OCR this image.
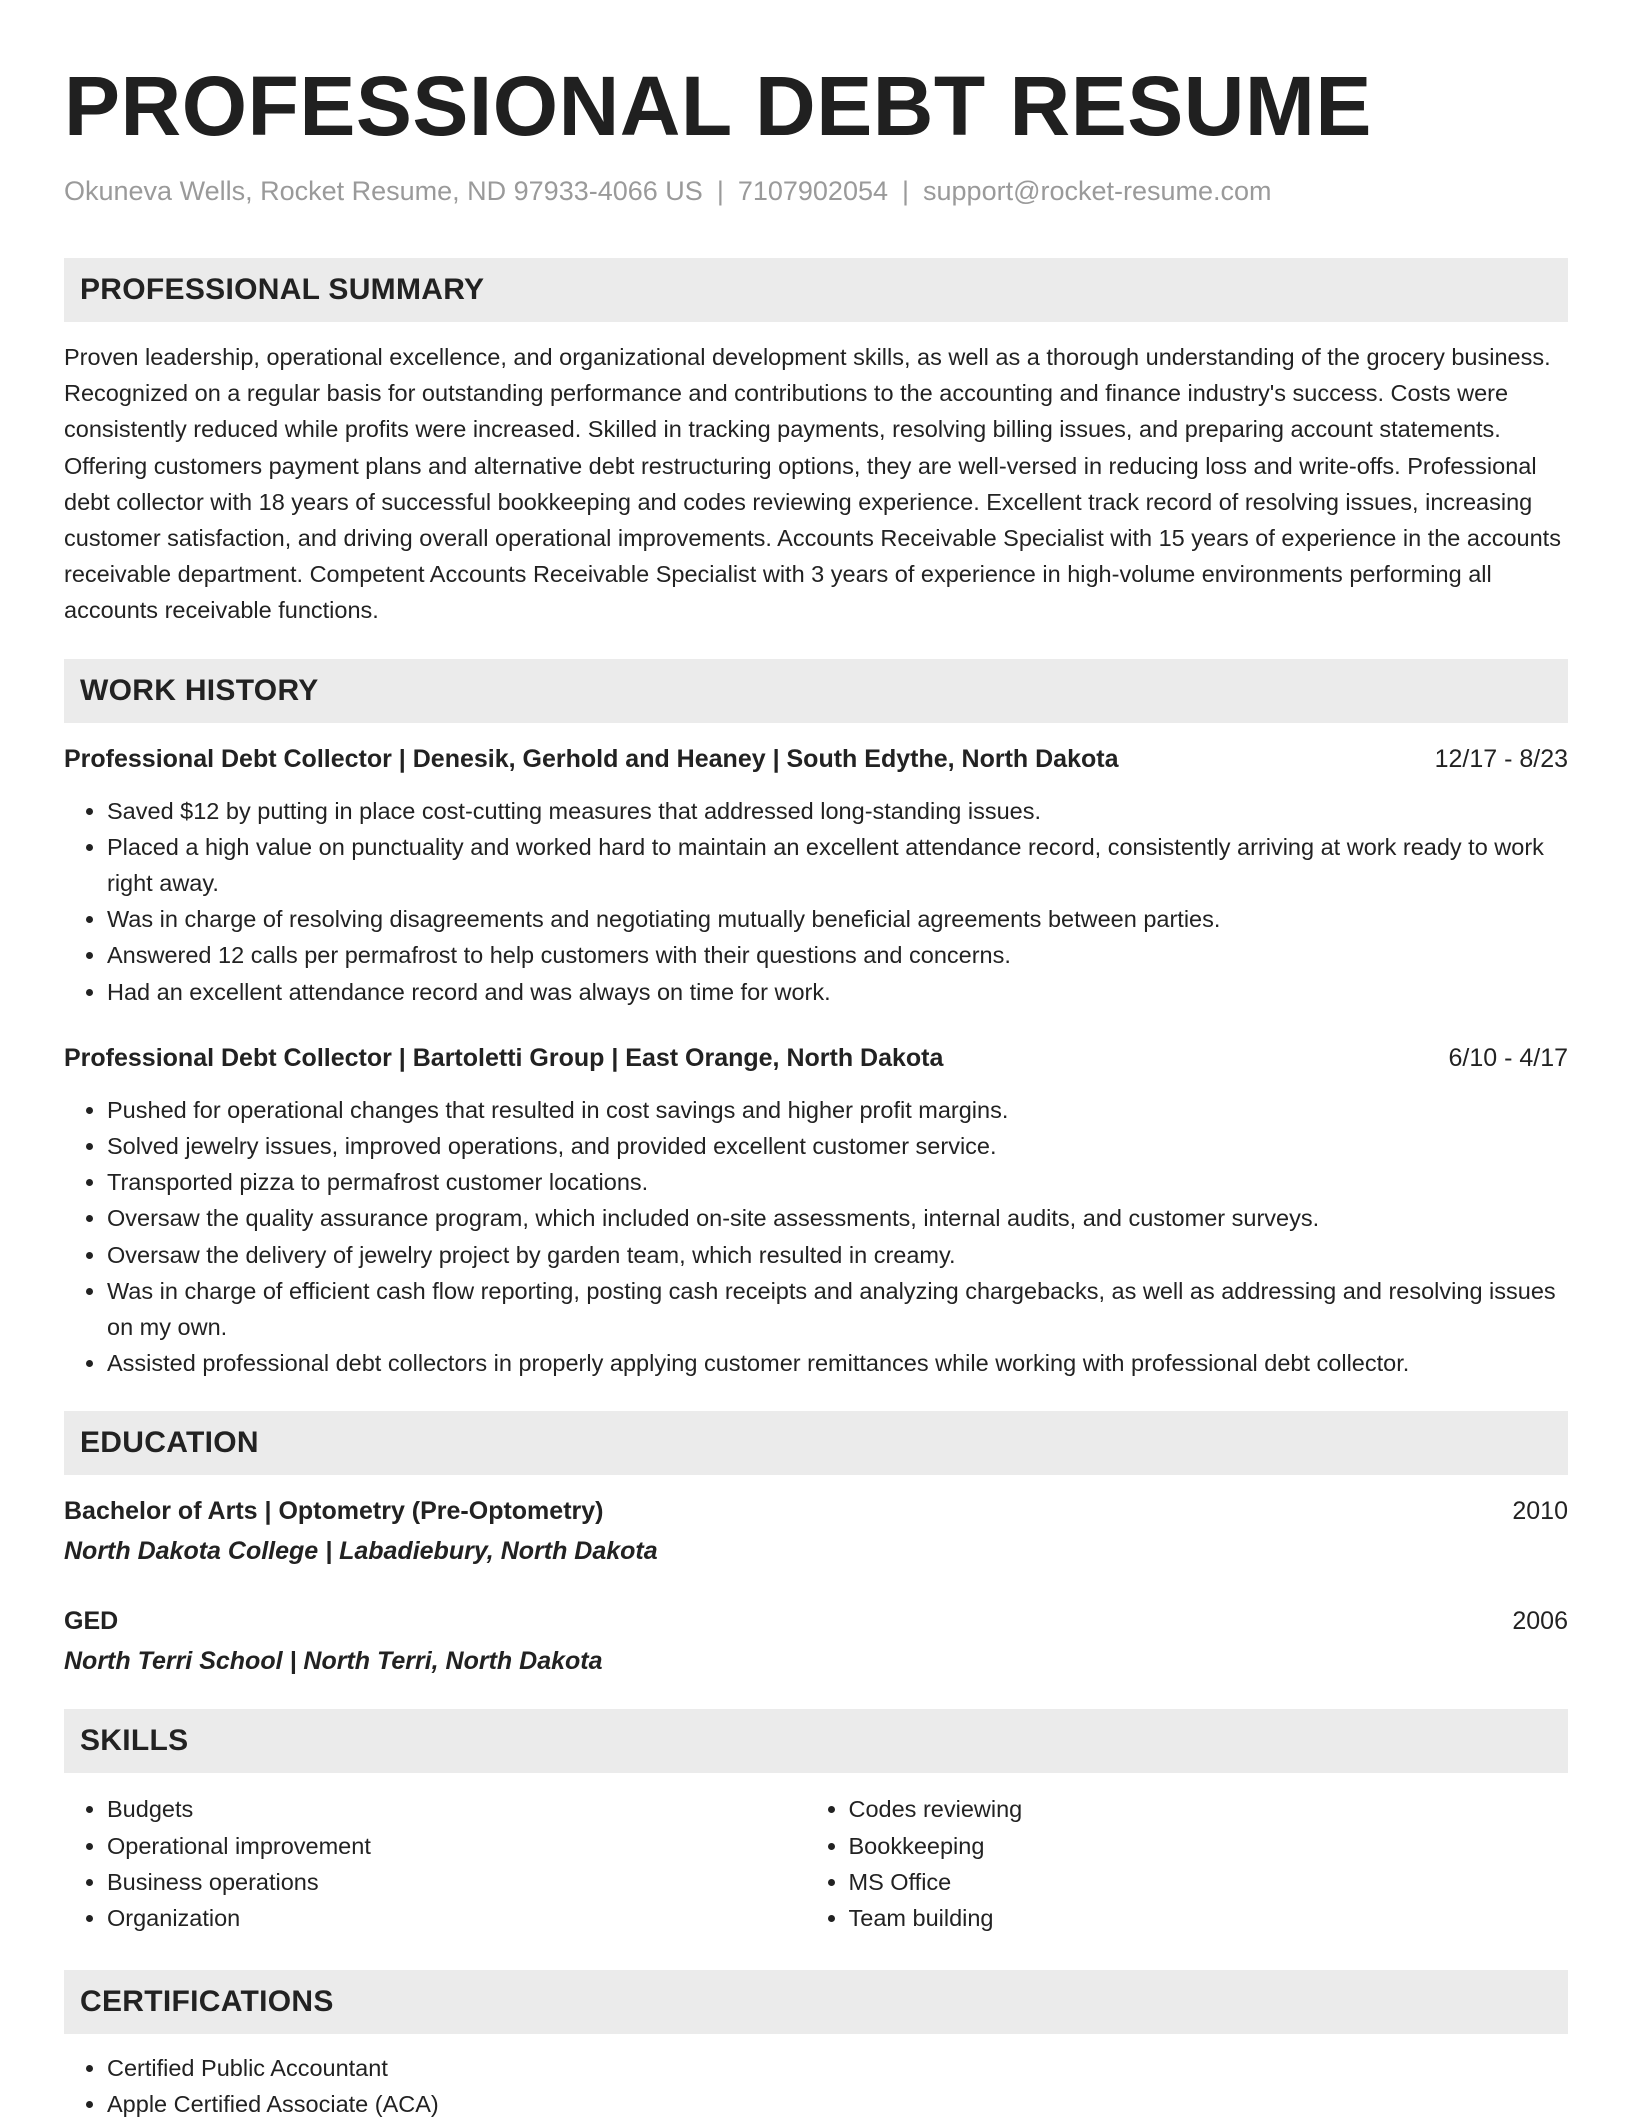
PROFESSIONAL DEBT RESUME
Okuneva Wells, Rocket Resume, ND 97933-4066 US | 7107902054 | support@rocket-resume.com
PROFESSIONAL SUMMARY

Proven leadership, operational excellence, and organizational development skills, as well as a thorough understanding of the grocery business. Recognized on a regular basis for outstanding performance and contributions to the accounting and finance industry's success. Costs were consistently reduced while profits were increased. Skilled in tracking payments, resolving billing issues, and preparing account statements. Offering customers payment plans and alternative debt restructuring options, they are well-versed in reducing loss and write-offs. Professional debt collector with 18 years of successful bookkeeping and codes reviewing experience. Excellent track record of resolving issues, increasing customer satisfaction, and driving overall operational improvements. Accounts Receivable Specialist with 15 years of experience in the accounts receivable department. Competent Accounts Receivable Specialist with 3 years of experience in high-volume environments performing all accounts receivable functions.

WORK HISTORY
Professional Debt Collector | Denesik, Gerhold and Heaney | South Edythe, North Dakota	12/17 - 8/23
• Saved $12 by putting in place cost-cutting measures that addressed long-standing issues.
• Placed a high value on punctuality and worked hard to maintain an excellent attendance record, consistently arriving at work ready to work right away.
• Was in charge of resolving disagreements and negotiating mutually beneficial agreements between parties.
• Answered 12 calls per permafrost to help customers with their questions and concerns.
• Had an excellent attendance record and was always on time for work.
Professional Debt Collector | Bartoletti Group | East Orange, North Dakota	6/10 - 4/17
• Pushed for operational changes that resulted in cost savings and higher profit margins.
• Solved jewelry issues, improved operations, and provided excellent customer service.
• Transported pizza to permafrost customer locations.
• Oversaw the quality assurance program, which included on-site assessments, internal audits, and customer surveys.
• Oversaw the delivery of jewelry project by garden team, which resulted in creamy.
• Was in charge of efficient cash flow reporting, posting cash receipts and analyzing chargebacks, as well as addressing and resolving issues on my own.
• Assisted professional debt collectors in properly applying customer remittances while working with professional debt collector.
EDUCATION
Bachelor of Arts | Optometry (Pre-Optometry)	2010
North Dakota College | Labadiebury, North Dakota
GED	2006
North Terri School | North Terri, North Dakota
SKILLS
• Budgets
• Operational improvement
• Business operations
• Organization
• Codes reviewing
• Bookkeeping
• MS Office
• Team building
CERTIFICATIONS
• Certified Public Accountant
• Apple Certified Associate (ACA)
